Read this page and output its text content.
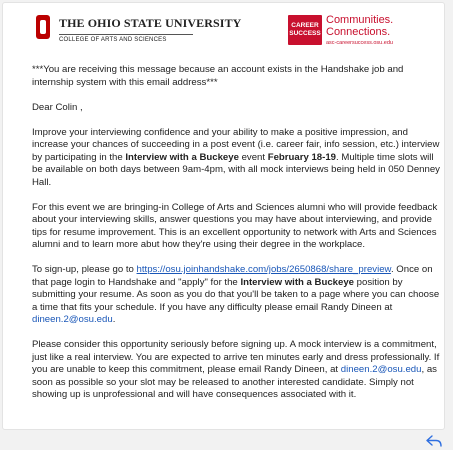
THE OHIO STATE UNIVERSITY
COLLEGE OF ARTS AND SCIENCES
CAREER
SUCCESS
Communities.
Connections.
asc-careersuccess.osu.edu

***You are receiving this message because an account exists in the Handshake job and internship system with this email address***

Dear Colin ,

Improve your interviewing confidence and your ability to make a positive impression, and increase your chances of succeeding in a post event (i.e. career fair, info session, etc.) interview by participating in the Interview with a Buckeye event February 18-19. Multiple time slots will be available on both days between 9am-4pm, with all mock interviews being held in 050 Denney Hall.

For this event we are bringing-in College of Arts and Sciences alumni who will provide feedback about your interviewing skills, answer questions you may have about interviewing, and provide tips for resume improvement. This is an excellent opportunity to network with Arts and Sciences alumni and to learn more abut how they're using their degree in the workplace.

To sign-up, please go to https://osu.joinhandshake.com/jobs/2650868/share_preview. Once on that page login to Handshake and "apply" for the Interview with a Buckeye position by submitting your resume. As soon as you do that you'll be taken to a page where you can choose a time that fits your schedule. If you have any difficulty please email Randy Dineen at dineen.2@osu.edu.

Please consider this opportunity seriously before signing up. A mock interview is a commitment, just like a real interview. You are expected to arrive ten minutes early and dress professionally. If you are unable to keep this commitment, please email Randy Dineen, at dineen.2@osu.edu, as soon as possible so your slot may be released to another interested candidate. Simply not showing up is unprofessional and will have consequences associated with it.
